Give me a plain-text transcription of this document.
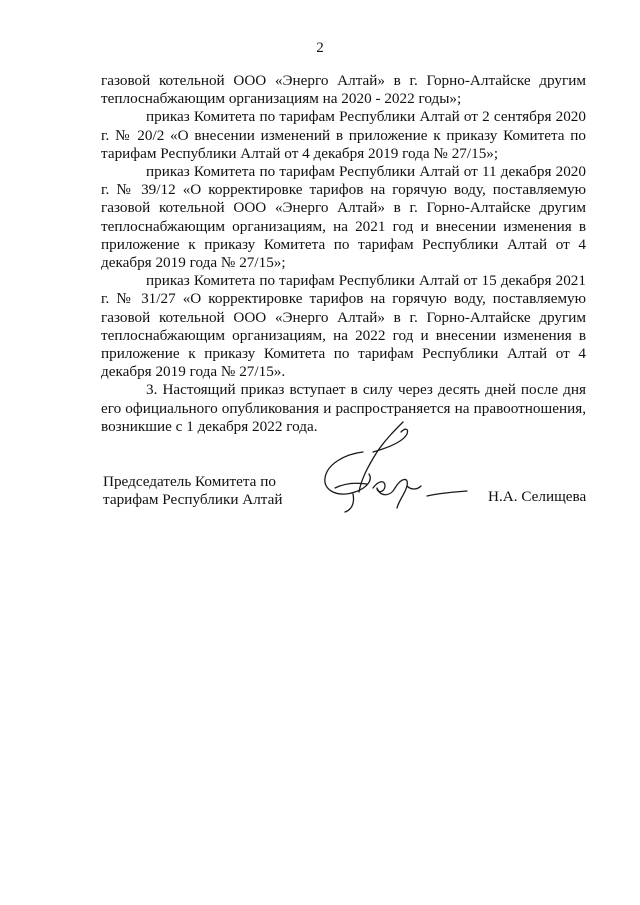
2

газовой котельной ООО «Энерго Алтай» в г. Горно-Алтайске другим теплоснабжающим организациям на 2020 - 2022 годы»;

приказ Комитета по тарифам Республики Алтай от 2 сентября 2020 г. № 20/2 «О внесении изменений в приложение к приказу Комитета по тарифам Республики Алтай от 4 декабря 2019 года № 27/15»;

приказ Комитета по тарифам Республики Алтай от 11 декабря 2020 г. № 39/12 «О корректировке тарифов на горячую воду, поставляемую газовой котельной ООО «Энерго Алтай» в г. Горно-Алтайске другим теплоснабжающим организациям, на 2021 год и внесении изменения в приложение к приказу Комитета по тарифам Республики Алтай от 4 декабря 2019 года № 27/15»;

приказ Комитета по тарифам Республики Алтай от 15 декабря 2021 г. № 31/27 «О корректировке тарифов на горячую воду, поставляемую газовой котельной ООО «Энерго Алтай» в г. Горно-Алтайске другим теплоснабжающим организациям, на 2022 год и внесении изменения в приложение к приказу Комитета по тарифам Республики Алтай от 4 декабря 2019 года № 27/15».

3. Настоящий приказ вступает в силу через десять дней после дня его официального опубликования и распространяется на правоотношения, возникшие с 1 декабря 2022 года.

Председатель Комитета по
тарифам Республики Алтай	Н.А. Селищева
